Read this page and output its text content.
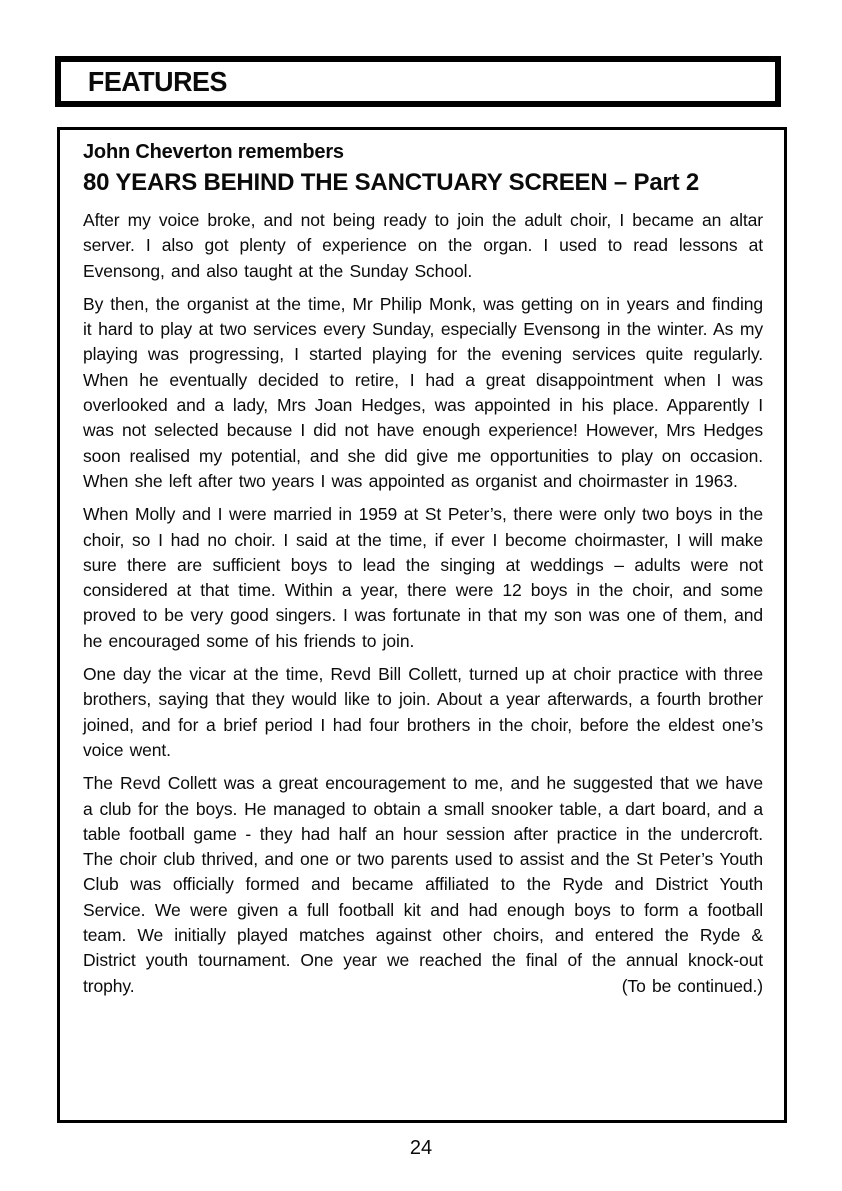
FEATURES
John Cheverton remembers
80 YEARS BEHIND THE SANCTUARY SCREEN – Part 2

After my voice broke, and not being ready to join the adult choir, I became an altar server. I also got plenty of experience on the organ. I used to read lessons at Evensong, and also taught at the Sunday School.

By then, the organist at the time, Mr Philip Monk, was getting on in years and finding it hard to play at two services every Sunday, especially Evensong in the winter. As my playing was progressing, I started playing for the evening services quite regularly. When he eventually decided to retire, I had a great disappointment when I was overlooked and a lady, Mrs Joan Hedges, was appointed in his place. Apparently I was not selected because I did not have enough experience! However, Mrs Hedges soon realised my potential, and she did give me opportunities to play on occasion. When she left after two years I was appointed as organist and choirmaster in 1963.

When Molly and I were married in 1959 at St Peter’s, there were only two boys in the choir, so I had no choir. I said at the time, if ever I become choirmaster, I will make sure there are sufficient boys to lead the singing at weddings – adults were not considered at that time. Within a year, there were 12 boys in the choir, and some proved to be very good singers. I was fortunate in that my son was one of them, and he encouraged some of his friends to join.

One day the vicar at the time, Revd Bill Collett, turned up at choir practice with three brothers, saying that they would like to join. About a year afterwards, a fourth brother joined, and for a brief period I had four brothers in the choir, before the eldest one’s voice went.

The Revd Collett was a great encouragement to me, and he suggested that we have a club for the boys. He managed to obtain a small snooker table, a dart board, and a table football game - they had half an hour session after practice in the undercroft. The choir club thrived, and one or two parents used to assist and the St Peter’s Youth Club was officially formed and became affiliated to the Ryde and District Youth Service. We were given a full football kit and had enough boys to form a football team. We initially played matches against other choirs, and entered the Ryde & District youth tournament. One year we reached the final of the annual knock-out trophy.	(To be continued.)

24
